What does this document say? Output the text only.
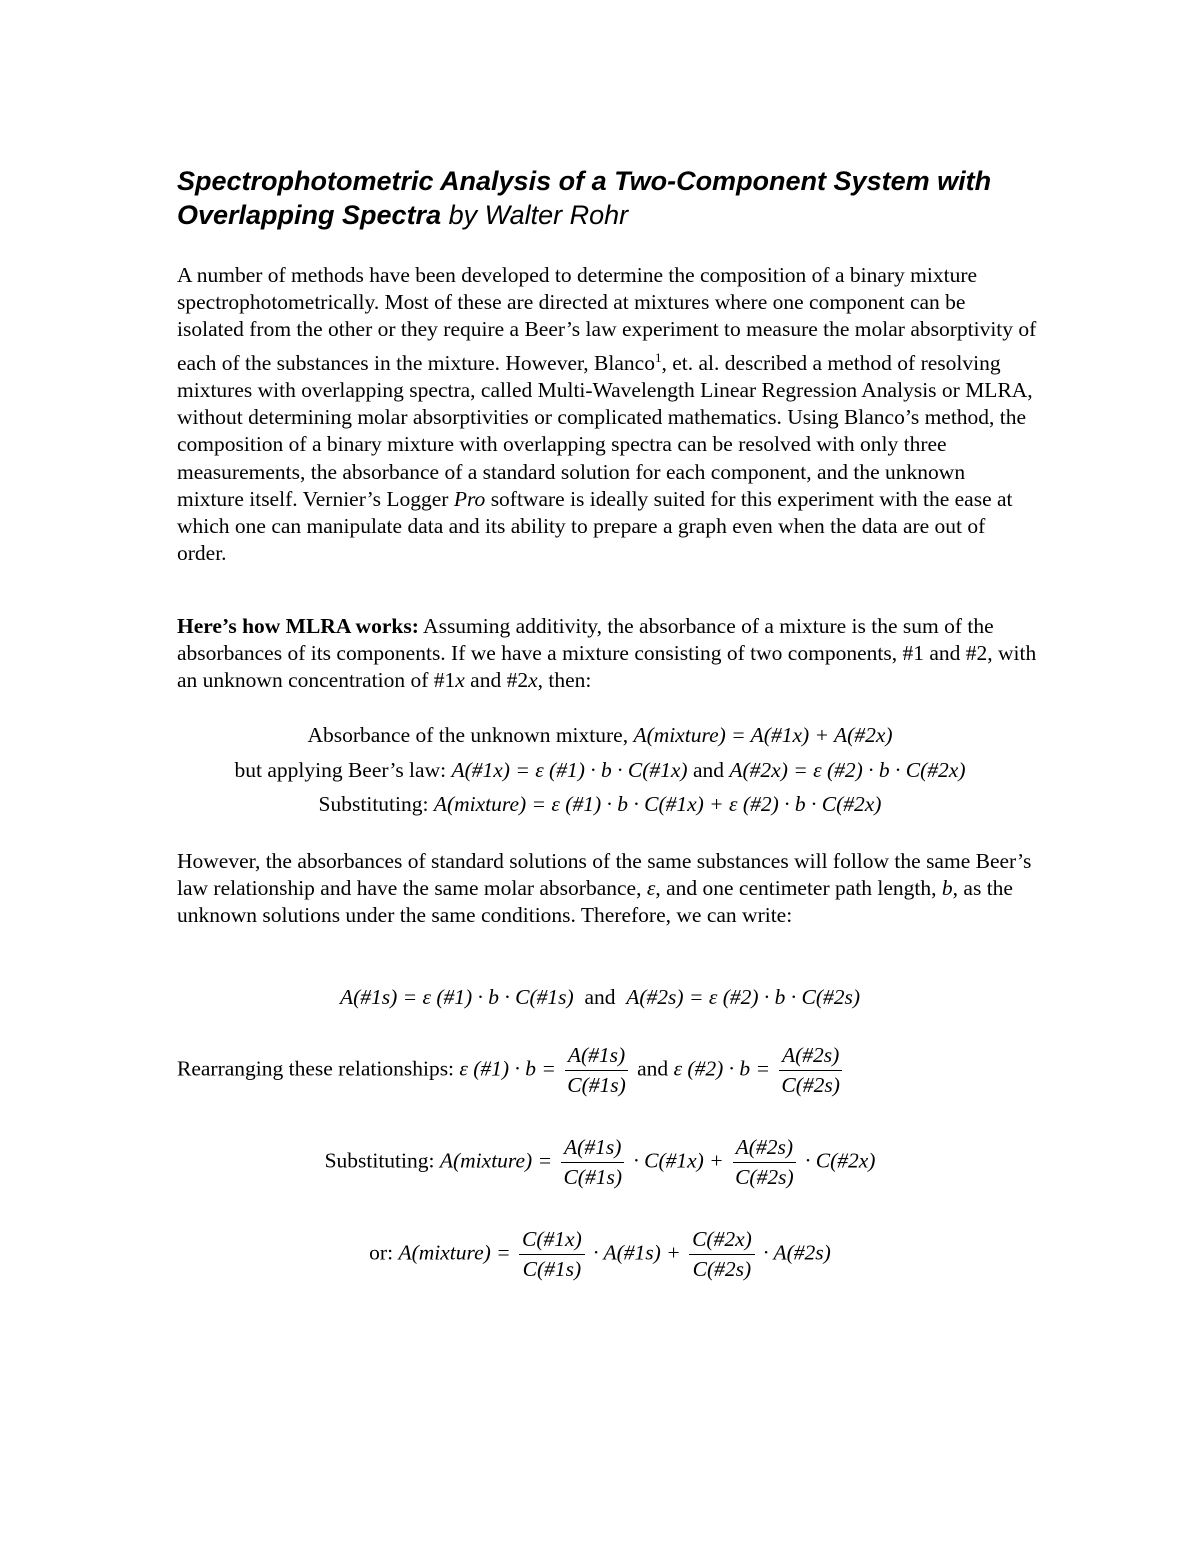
Spectrophotometric Analysis of a Two-Component System with Overlapping Spectra by Walter Rohr

A number of methods have been developed to determine the composition of a binary mixture spectrophotometrically. Most of these are directed at mixtures where one component can be isolated from the other or they require a Beer’s law experiment to measure the molar absorptivity of each of the substances in the mixture. However, Blanco$^1$, et. al. described a method of resolving mixtures with overlapping spectra, called Multi-Wavelength Linear Regression Analysis or MLRA, without determining molar absorptivities or complicated mathematics. Using Blanco’s method, the composition of a binary mixture with overlapping spectra can be resolved with only three measurements, the absorbance of a standard solution for each component, and the unknown mixture itself. Vernier’s Logger Pro software is ideally suited for this experiment with the ease at which one can manipulate data and its ability to prepare a graph even when the data are out of order.

Here’s how MLRA works: Assuming additivity, the absorbance of a mixture is the sum of the absorbances of its components. If we have a mixture consisting of two components, #1 and #2, with an unknown concentration of #1x and #2x, then:

Absorbance of the unknown mixture, A(mixture) = A(#1x) + A(#2x)
but applying Beer’s law: A(#1x) = ε (#1) · b · C(#1x) and A(#2x) = ε (#2) · b · C(#2x)
Substituting: A(mixture) = ε (#1) · b · C(#1x) + ε (#2) · b · C(#2x)

However, the absorbances of standard solutions of the same substances will follow the same Beer’s law relationship and have the same molar absorbance, ε, and one centimeter path length, b, as the unknown solutions under the same conditions. Therefore, we can write:

A(#1s) = ε (#1) · b · C(#1s) and A(#2s) = ε (#2) · b · C(#2s)
Rearranging these relationships: ε (#1) · $b = \frac{A(\#1s)}{C(\#1s)}$ and ε (#2) · $b = \frac{A(\#2s)}{C(\#2s)}$
Substituting: A(mixture) = $\frac{A(\#1s)}{C(\#1s)}$ · C(#1x) + $\frac{A(\#2s)}{C(\#2s)}$ · C(#2x)
or: A(mixture) = $\frac{C(\#1x)}{C(\#1s)}$ · A(#1s) + $\frac{C(\#2x)}{C(\#2s)}$ · A(#2s)
